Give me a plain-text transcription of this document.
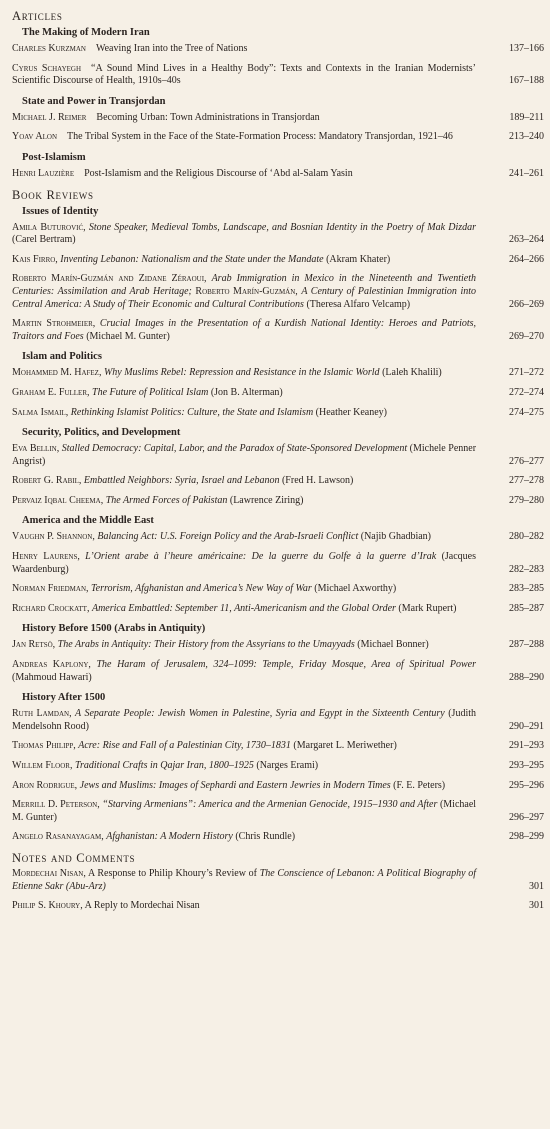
Articles
The Making of Modern Iran
Charles Kurzman  Weaving Iran into the Tree of Nations	137–166
Cyrus Schayegh  “A Sound Mind Lives in a Healthy Body”: Texts and Contexts in the Iranian Modernists’ Scientific Discourse of Health, 1910s–40s	167–188
State and Power in Transjordan
Michael J. Reimer  Becoming Urban: Town Administrations in Transjordan	189–211
Yoav Alon  The Tribal System in the Face of the State-Formation Process: Mandatory Transjordan, 1921–46	213–240
Post-Islamism
Henri Lauzière  Post-Islamism and the Religious Discourse of ‘Abd al-Salam Yasin	241–261
Book Reviews
Issues of Identity
Amila Buturović, Stone Speaker, Medieval Tombs, Landscape, and Bosnian Identity in the Poetry of Mak Dizdar (Carel Bertram)	263–264
Kais Firro, Inventing Lebanon: Nationalism and the State under the Mandate (Akram Khater)	264–266
Roberto Marín-Guzmán and Zidane Zéraoui, Arab Immigration in Mexico in the Nineteenth and Twentieth Centuries: Assimilation and Arab Heritage; Roberto Marín-Guzmán, A Century of Palestinian Immigration into Central America: A Study of Their Economic and Cultural Contributions (Theresa Alfaro Velcamp)	266–269
Martin Strohmeier, Crucial Images in the Presentation of a Kurdish National Identity: Heroes and Patriots, Traitors and Foes (Michael M. Gunter)	269–270
Islam and Politics
Mohammed M. Hafez, Why Muslims Rebel: Repression and Resistance in the Islamic World (Laleh Khalili)	271–272
Graham E. Fuller, The Future of Political Islam (Jon B. Alterman)	272–274
Salma Ismail, Rethinking Islamist Politics: Culture, the State and Islamism (Heather Keaney)	274–275
Security, Politics, and Development
Eva Bellin, Stalled Democracy: Capital, Labor, and the Paradox of State-Sponsored Development (Michele Penner Angrist)	276–277
Robert G. Rabil, Embattled Neighbors: Syria, Israel and Lebanon (Fred H. Lawson)	277–278
Pervaiz Iqbal Cheema, The Armed Forces of Pakistan (Lawrence Ziring)	279–280
America and the Middle East
Vaughn P. Shannon, Balancing Act: U.S. Foreign Policy and the Arab-Israeli Conflict (Najib Ghadbian)	280–282
Henry Laurens, L’Orient arabe à l’heure américaine: De la guerre du Golfe à la guerre d’Irak (Jacques Waardenburg)	282–283
Norman Friedman, Terrorism, Afghanistan and America’s New Way of War (Michael Axworthy)	283–285
Richard Crockatt, America Embattled: September 11, Anti-Americanism and the Global Order (Mark Rupert)	285–287
History Before 1500 (Arabs in Antiquity)
Jan Retsö, The Arabs in Antiquity: Their History from the Assyrians to the Umayyads (Michael Bonner)	287–288
Andreas Kaplony, The Haram of Jerusalem, 324–1099: Temple, Friday Mosque, Area of Spiritual Power (Mahmoud Hawari)	288–290
History After 1500
Ruth Lamdan, A Separate People: Jewish Women in Palestine, Syria and Egypt in the Sixteenth Century (Judith Mendelsohn Rood)	290–291
Thomas Philipp, Acre: Rise and Fall of a Palestinian City, 1730–1831 (Margaret L. Meriwether)	291–293
Willem Floor, Traditional Crafts in Qajar Iran, 1800–1925 (Narges Erami)	293–295
Aron Rodrigue, Jews and Muslims: Images of Sephardi and Eastern Jewries in Modern Times (F. E. Peters)	295–296
Merrill D. Peterson, “Starving Armenians”: America and the Armenian Genocide, 1915–1930 and After (Michael M. Gunter)	296–297
Angelo Rasanayagam, Afghanistan: A Modern History (Chris Rundle)	298–299
Notes and Comments
Mordechai Nisan, A Response to Philip Khoury’s Review of The Conscience of Lebanon: A Political Biography of Etienne Sakr (Abu-Arz)	301
Philip S. Khoury, A Reply to Mordechai Nisan	301
